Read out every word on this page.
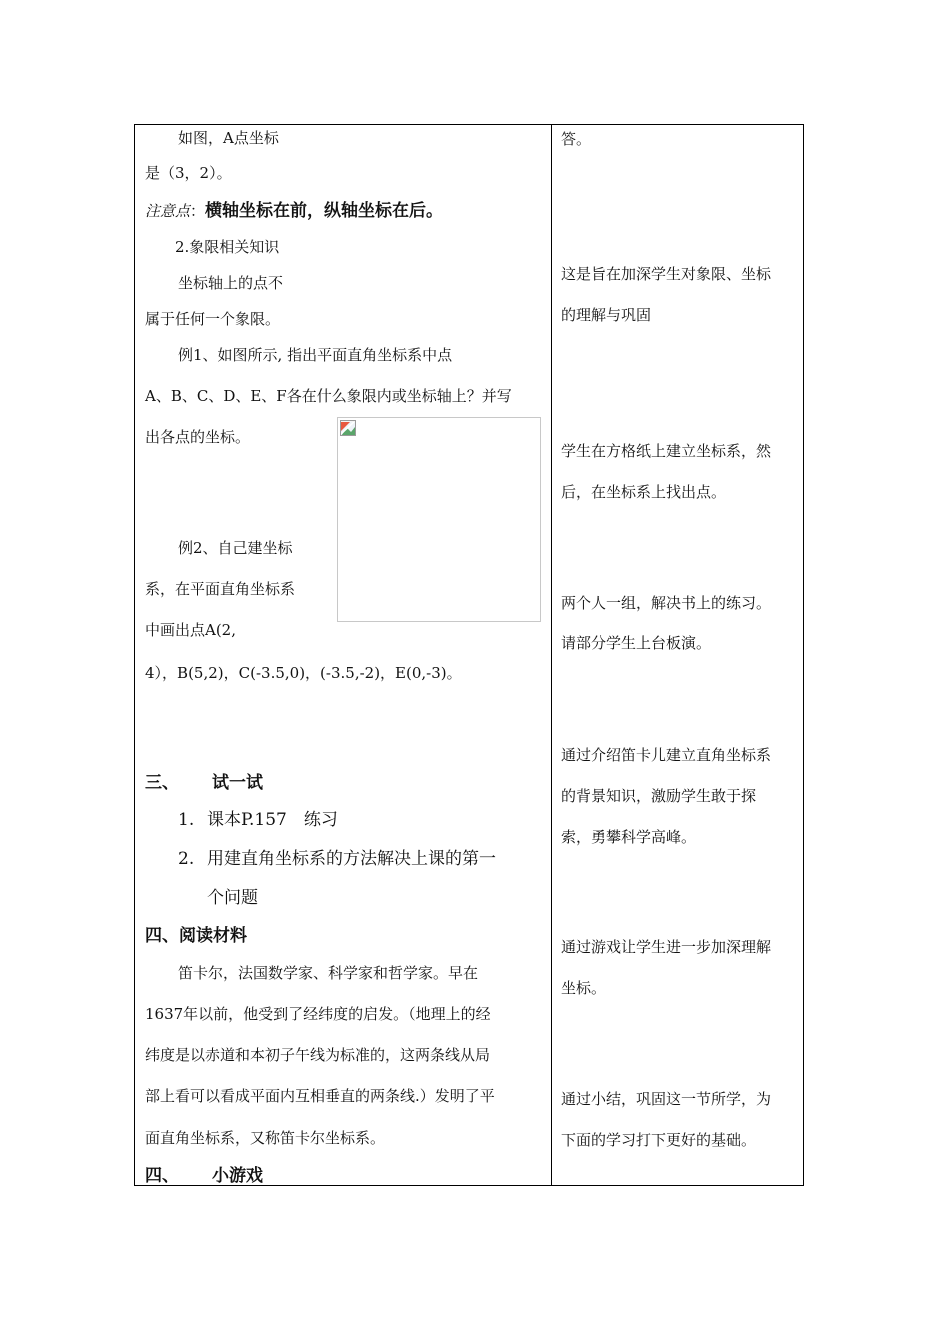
如图，A点坐标
是（3，2）。
注意点：横轴坐标在前，纵轴坐标在后。
2.象限相关知识
坐标轴上的点不
属于任何一个象限。
例1、如图所示, 指出平面直角坐标系中点
A、B、C、D、E、F各在什么象限内或坐标轴上？并写
出各点的坐标。
例2、自己建坐标
系，在平面直角坐标系
中画出点A(2,
4），B(5,2)，C(-3.5,0)，(-3.5,-2)，E(0,-3)。
三、 试一试
1. 课本P.157　练习
2. 用建直角坐标系的方法解决上课的第一
个问题
四、阅读材料
笛卡尔，法国数学家、科学家和哲学家。早在
1637年以前，他受到了经纬度的启发。（地理上的经
纬度是以赤道和本初子午线为标准的，这两条线从局
部上看可以看成平面内互相垂直的两条线.）发明了平
面直角坐标系，又称笛卡尔坐标系。
四、 小游戏
答。
这是旨在加深学生对象限、坐标
的理解与巩固
学生在方格纸上建立坐标系，然
后，在坐标系上找出点。
两个人一组，解决书上的练习。
请部分学生上台板演。
通过介绍笛卡儿建立直角坐标系
的背景知识，激励学生敢于探
索，勇攀科学高峰。
通过游戏让学生进一步加深理解
坐标。
通过小结，巩固这一节所学，为
下面的学习打下更好的基础。
